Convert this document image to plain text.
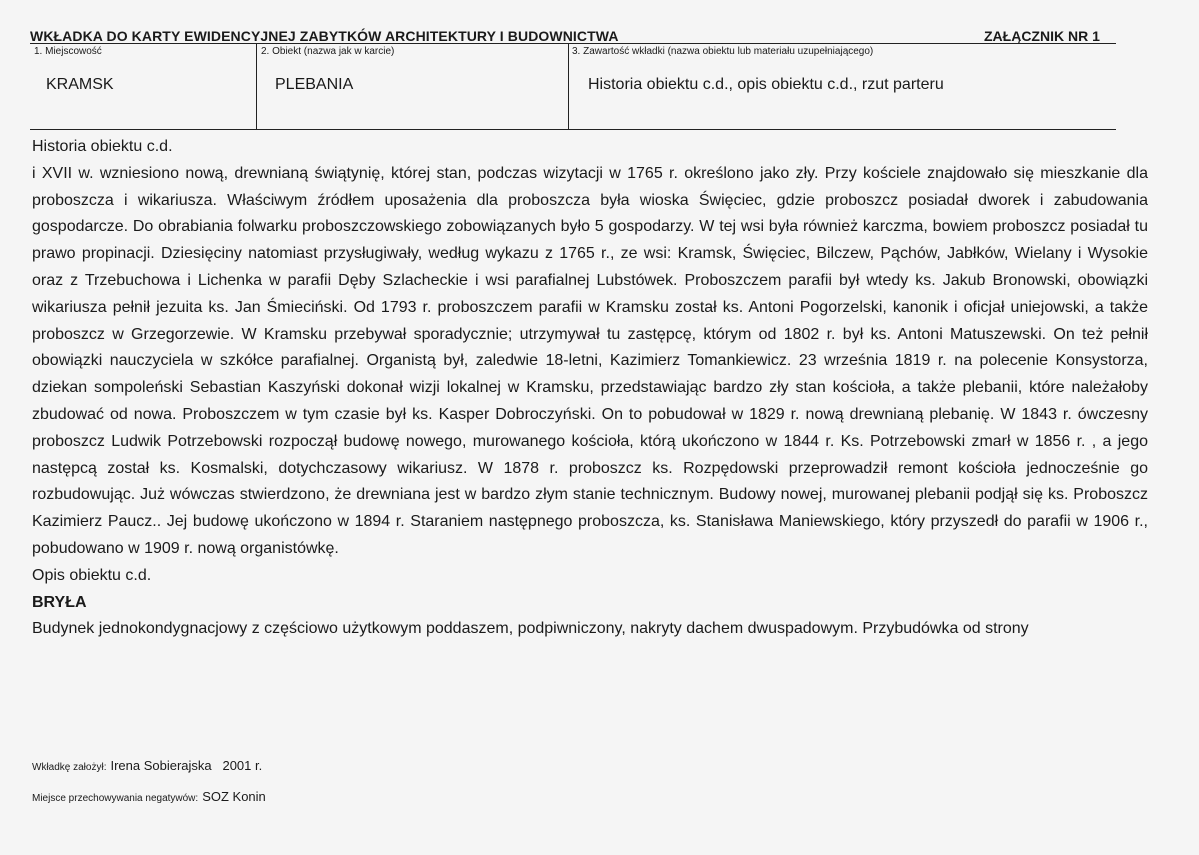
WKŁADKA DO KARTY EWIDENCYJNEJ ZABYTKÓW ARCHITEKTURY I BUDOWNICTWA	ZAŁĄCZNIK NR 1
1. Miejscowość
KRAMSK
2. Obiekt (nazwa jak w karcie)
PLEBANIA
3. Zawartość wkładki (nazwa obiektu lub materiału uzupełniającego)
Historia obiektu c.d., opis obiektu c.d., rzut parteru
Historia obiektu c.d.

i XVII w. wzniesiono nową, drewnianą świątynię, której stan, podczas wizytacji w 1765 r. określono jako zły. Przy kościele znajdowało się mieszkanie dla proboszcza i wikariusza. Właściwym źródłem uposażenia dla proboszcza była wioska Święciec, gdzie proboszcz posiadał dworek i zabudowania gospodarcze. Do obrabiania folwarku proboszczowskiego zobowiązanych było 5 gospodarzy. W tej wsi była również karczma, bowiem proboszcz posiadał tu prawo propinacji. Dziesięciny natomiast przysługiwały, według wykazu z 1765 r., ze wsi: Kramsk, Święciec, Bilczew, Pąchów, Jabłków, Wielany i Wysokie oraz z Trzebuchowa i Lichenka w parafii Dęby Szlacheckie i wsi parafialnej Lubstówek. Proboszczem parafii był wtedy ks. Jakub Bronowski, obowiązki wikariusza pełnił jezuita ks. Jan Śmieciński. Od 1793 r. proboszczem parafii w Kramsku został ks. Antoni Pogorzelski, kanonik i oficjał uniejowski, a także proboszcz w Grzegorzewie. W Kramsku przebywał sporadycznie; utrzymywał tu zastępcę, którym od 1802 r. był ks. Antoni Matuszewski. On też pełnił obowiązki nauczyciela w szkółce parafialnej. Organistą był, zaledwie 18-letni, Kazimierz Tomankiewicz. 23 września 1819 r. na polecenie Konsystorza, dziekan sompoleński Sebastian Kaszyński dokonał wizji lokalnej w Kramsku, przedstawiając bardzo zły stan kościoła, a także plebanii, które należałoby zbudować od nowa. Proboszczem w tym czasie był ks. Kasper Dobroczyński. On to pobudował w 1829 r. nową drewnianą plebanię. W 1843 r. ówczesny proboszcz Ludwik Potrzebowski rozpoczął budowę nowego, murowanego kościoła, którą ukończono w 1844 r. Ks. Potrzebowski zmarł w 1856 r. , a jego następcą został ks. Kosmalski, dotychczasowy wikariusz. W 1878 r. proboszcz ks. Rozpędowski przeprowadził remont kościoła jednocześnie go rozbudowując. Już wówczas stwierdzono, że drewniana jest w bardzo złym stanie technicznym. Budowy nowej, murowanej plebanii podjął się ks. Proboszcz Kazimierz Paucz.. Jej budowę ukończono w 1894 r. Staraniem następnego proboszcza, ks. Stanisława Maniewskiego, który przyszedł do parafii w 1906 r., pobudowano w 1909 r. nową organistówkę.

Opis obiektu c.d.
BRYŁA

Budynek jednokondygnacjowy z częściowo użytkowym poddaszem, podpiwniczony, nakryty dachem dwuspadowym. Przybudówka od strony

Wkładkę założył: Irena Sobierajska   2001 r.
Miejsce przechowywania negatywów: SOZ Konin
